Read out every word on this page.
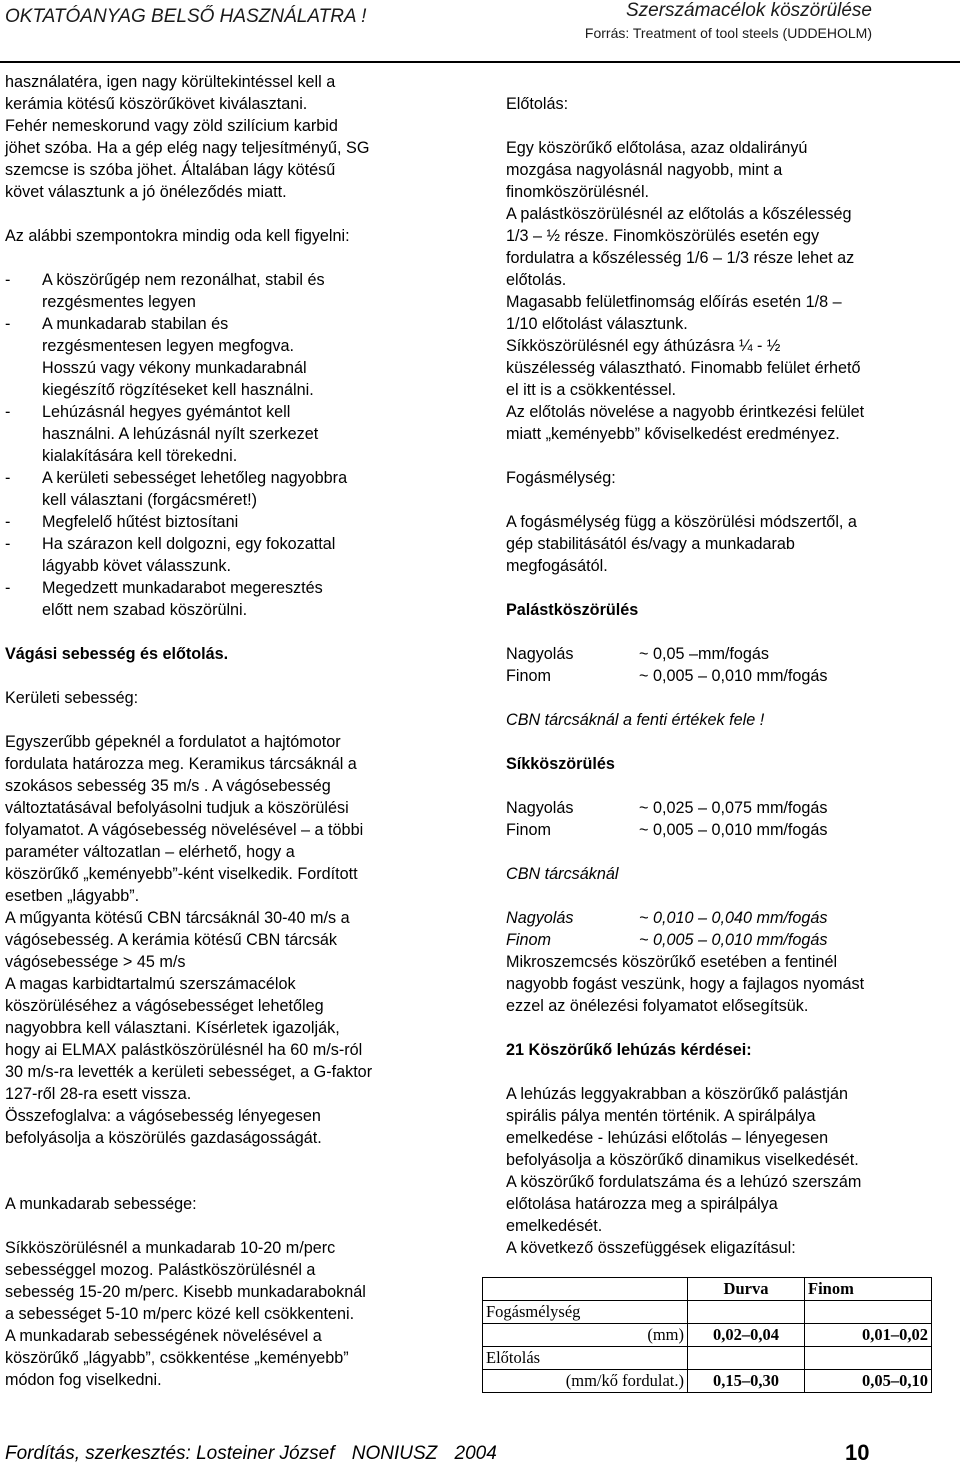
OKTATÓANYAG BELSŐ HASZNÁLATRA !	Szerszámacélok köszörülése
Forrás: Treatment of tool steels (UDDEHOLM)
használatéra, igen nagy körültekintéssel kell a
kerámia kötésű köszörűkövet kiválasztani.
Fehér nemeskorund vagy zöld szilícium karbid
jöhet szóba. Ha a gép elég nagy teljesítményű, SG
szemcse is szóba jöhet. Általában lágy kötésű
követ választunk a jó önéleződés miatt.
Az alábbi szempontokra mindig oda kell figyelni:
-	A köszörűgép nem rezonálhat, stabil és
rezgésmentes legyen
-	A munkadarab stabilan és
rezgésmentesen legyen megfogva.
Hosszú vagy vékony munkadarabnál
kiegészítő rögzítéseket kell használni.
-	Lehúzásnál hegyes gyémántot kell
használni. A lehúzásnál nyílt szerkezet
kialakítására kell törekedni.
-	A kerületi sebességet lehetőleg nagyobbra
kell választani (forgácsméret!)
-	Megfelelő hűtést biztosítani
-	Ha szárazon kell dolgozni, egy fokozattal
lágyabb követ válasszunk.
-	Megedzett munkadarabot megeresztés
előtt nem szabad köszörülni.
Vágási sebesség és előtolás.
Kerületi sebesség:
Egyszerűbb gépeknél a fordulatot a hajtómotor
fordulata határozza meg. Keramikus tárcsáknál a
szokásos sebesség 35 m/s . A vágósebesség
változtatásával befolyásolni tudjuk a köszörülési
folyamatot. A vágósebesség növelésével – a többi
paraméter változatlan – elérhető, hogy a
köszörűkő „keményebb”-ként viselkedik. Fordított
esetben „lágyabb”.
A műgyanta kötésű CBN tárcsáknál 30-40 m/s a
vágósebesség. A kerámia kötésű CBN tárcsák
vágósebessége > 45 m/s
A magas karbidtartalmú szerszámacélok
köszörüléséhez a vágósebességet lehetőleg
nagyobbra kell választani. Kísérletek igazolják,
hogy ai ELMAX palástköszörülésnél ha 60 m/s-ról
30 m/s-ra levették a kerületi sebességet, a G-faktor
127-ről 28-ra esett vissza.
Összefoglalva: a vágósebesség lényegesen
befolyásolja a köszörülés gazdaságosságát.
A munkadarab sebessége:
Síkköszörülésnél a munkadarab 10-20 m/perc
sebességgel mozog. Palástköszörülésnél a
sebesség 15-20 m/perc. Kisebb munkadaraboknál
a sebességet 5-10 m/perc közé kell csökkenteni.
A munkadarab sebességének növelésével a
köszörűkő „lágyabb”, csökkentése „keményebb”
módon fog viselkedni.
Előtolás:
Egy köszörűkő előtolása, azaz oldalirányú
mozgása nagyolásnál nagyobb, mint a
finomköszörülésnél.
A palástköszörülésnél az előtolás a kőszélesség
1/3 – ½ része. Finomköszörülés esetén egy
fordulatra a kőszélesség 1/6 – 1/3 része lehet az
előtolás.
Magasabb felületfinomság előírás esetén 1/8 –
1/10 előtolást választunk.
Síkköszörülésnél egy áthúzásra ¼ - ½
küszélesség választható. Finomabb felület érhető
el itt is a csökkentéssel.
Az előtolás növelése a nagyobb érintkezési felület
miatt „keményebb” kőviselkedést eredményez.
Fogásmélység:
A fogásmélység függ a köszörülési módszertől, a
gép stabilitásától és/vagy a munkadarab
megfogásától.
Palástköszörülés
Nagyolás	~ 0,05 –mm/fogás
Finom	~ 0,005 – 0,010 mm/fogás
CBN tárcsáknál a fenti értékek fele !
Síkköszörülés
Nagyolás	~ 0,025 – 0,075 mm/fogás
Finom	~ 0,005 – 0,010 mm/fogás
CBN tárcsáknál
Nagyolás	~ 0,010 – 0,040 mm/fogás
Finom	~ 0,005 – 0,010 mm/fogás
Mikroszemcsés köszörűkő esetében a fentinél
nagyobb fogást veszünk, hogy a fajlagos nyomást
ezzel az önélezési folyamatot elősegítsük.
21 Köszörűkő lehúzás kérdései:
A lehúzás leggyakrabban a köszörűkő palástján
spirális pálya mentén történik. A spirálpálya
emelkedése - lehúzási előtolás – lényegesen
befolyásolja a köszörűkő dinamikus viselkedését.
A köszörűkő fordulatszáma és a lehúzó szerszám
előtolása határozza meg a spirálpálya
emelkedését.
A következő összefüggések eligazításul:
	Durva	Finom
Fogásmélység		
(mm)	0,02–0,04	0,01–0,02
Előtolás		
(mm/kő fordulat.)	0,15–0,30	0,05–0,10
Fordítás, szerkesztés: Losteiner József NONIUSZ 2004	10
